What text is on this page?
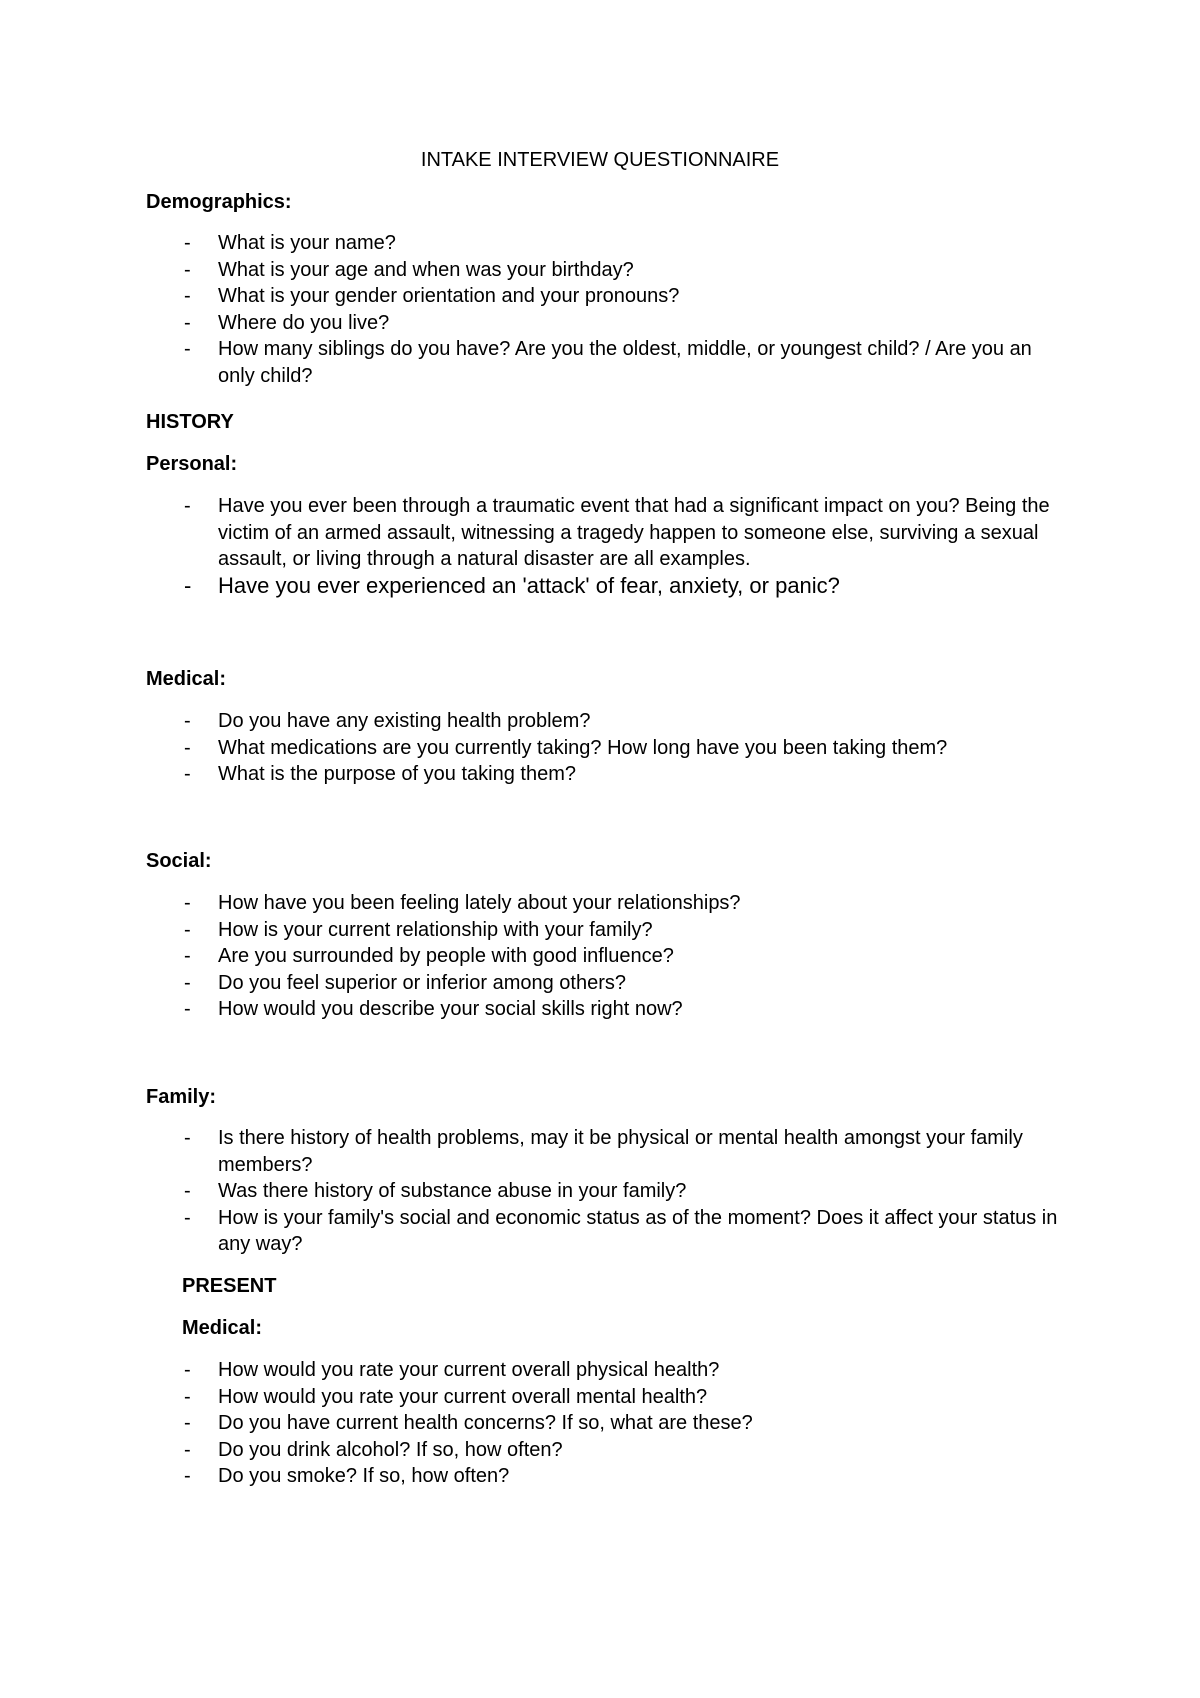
INTAKE INTERVIEW QUESTIONNAIRE
Demographics:
- What is your name?
- What is your age and when was your birthday?
- What is your gender orientation and your pronouns?
- Where do you live?
- How many siblings do you have? Are you the oldest, middle, or youngest child? / Are you an only child?
HISTORY
Personal:
- Have you ever been through a traumatic event that had a significant impact on you? Being the victim of an armed assault, witnessing a tragedy happen to someone else, surviving a sexual assault, or living through a natural disaster are all examples.
- Have you ever experienced an 'attack' of fear, anxiety, or panic?
Medical:
- Do you have any existing health problem?
- What medications are you currently taking? How long have you been taking them?
- What is the purpose of you taking them?
Social:
- How have you been feeling lately about your relationships?
- How is your current relationship with your family?
- Are you surrounded by people with good influence?
- Do you feel superior or inferior among others?
- How would you describe your social skills right now?
Family:
- Is there history of health problems, may it be physical or mental health amongst your family members?
- Was there history of substance abuse in your family?
- How is your family's social and economic status as of the moment? Does it affect your status in any way?
PRESENT
Medical:
- How would you rate your current overall physical health?
- How would you rate your current overall mental health?
- Do you have current health concerns? If so, what are these?
- Do you drink alcohol? If so, how often?
- Do you smoke? If so, how often?
